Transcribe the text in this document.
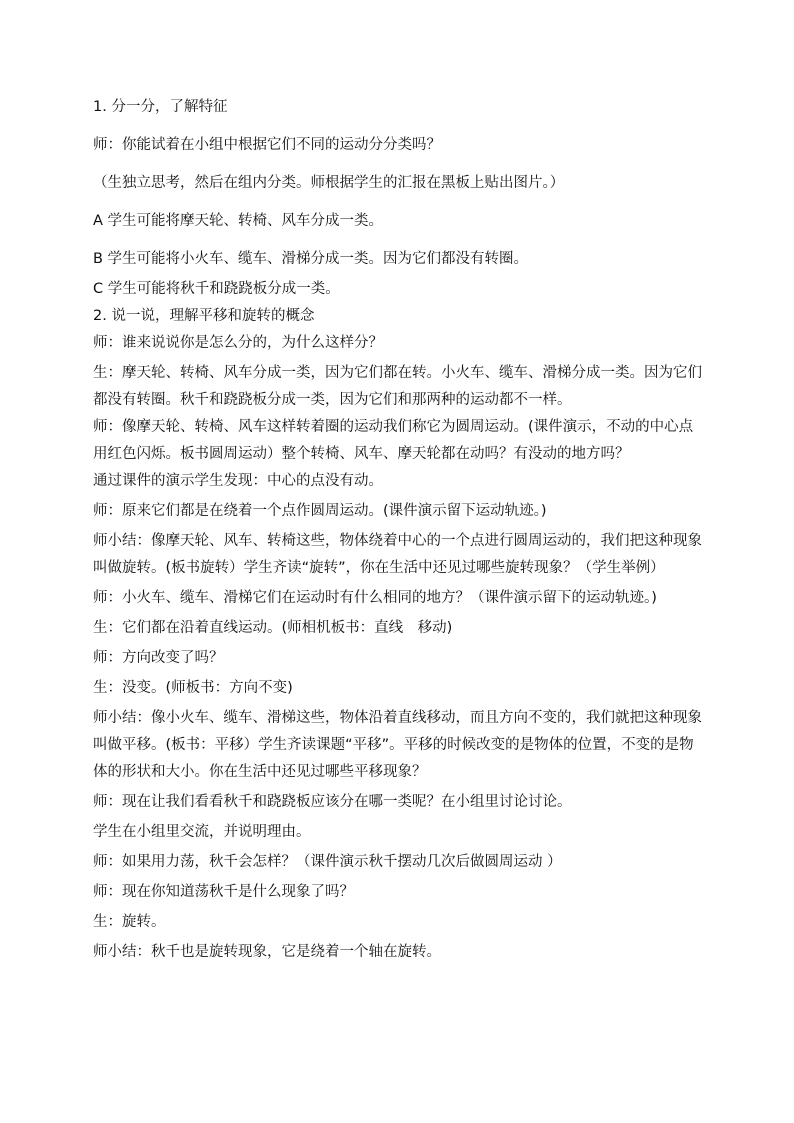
1. 分一分，了解特征

师：你能试着在小组中根据它们不同的运动分分类吗？

（生独立思考，然后在组内分类。师根据学生的汇报在黑板上贴出图片。）

A 学生可能将摩天轮、转椅、风车分成一类。

B 学生可能将小火车、缆车、滑梯分成一类。因为它们都没有转圈。

C 学生可能将秋千和跷跷板分成一类。

2. 说一说，理解平移和旋转的概念

师：谁来说说你是怎么分的，为什么这样分？

生：摩天轮、转椅、风车分成一类，因为它们都在转。小火车、缆车、滑梯分成一类。因为它们都没有转圈。秋千和跷跷板分成一类，因为它们和那两种的运动都不一样。

师：像摩天轮、转椅、风车这样转着圈的运动我们称它为圆周运动。(课件演示，不动的中心点用红色闪烁。板书圆周运动）整个转椅、风车、摩天轮都在动吗？有没动的地方吗？

通过课件的演示学生发现：中心的点没有动。

师：原来它们都是在绕着一个点作圆周运动。(课件演示留下运动轨迹。)

师小结：像摩天轮、风车、转椅这些，物体绕着中心的一个点进行圆周运动的，我们把这种现象叫做旋转。(板书旋转）学生齐读“旋转”，你在生活中还见过哪些旋转现象？（学生举例）

师：小火车、缆车、滑梯它们在运动时有什么相同的地方？（课件演示留下的运动轨迹。)

生：它们都在沿着直线运动。(师相机板书：直线　移动)

师：方向改变了吗？

生：没变。(师板书：方向不变)

师小结：像小火车、缆车、滑梯这些，物体沿着直线移动，而且方向不变的，我们就把这种现象叫做平移。(板书：平移）学生齐读课题“平移”。平移的时候改变的是物体的位置，不变的是物体的形状和大小。你在生活中还见过哪些平移现象？

师：现在让我们看看秋千和跷跷板应该分在哪一类呢？在小组里讨论讨论。

学生在小组里交流，并说明理由。

师：如果用力荡，秋千会怎样？（课件演示秋千摆动几次后做圆周运动 ）

师：现在你知道荡秋千是什么现象了吗？

生：旋转。

师小结：秋千也是旋转现象，它是绕着一个轴在旋转。
